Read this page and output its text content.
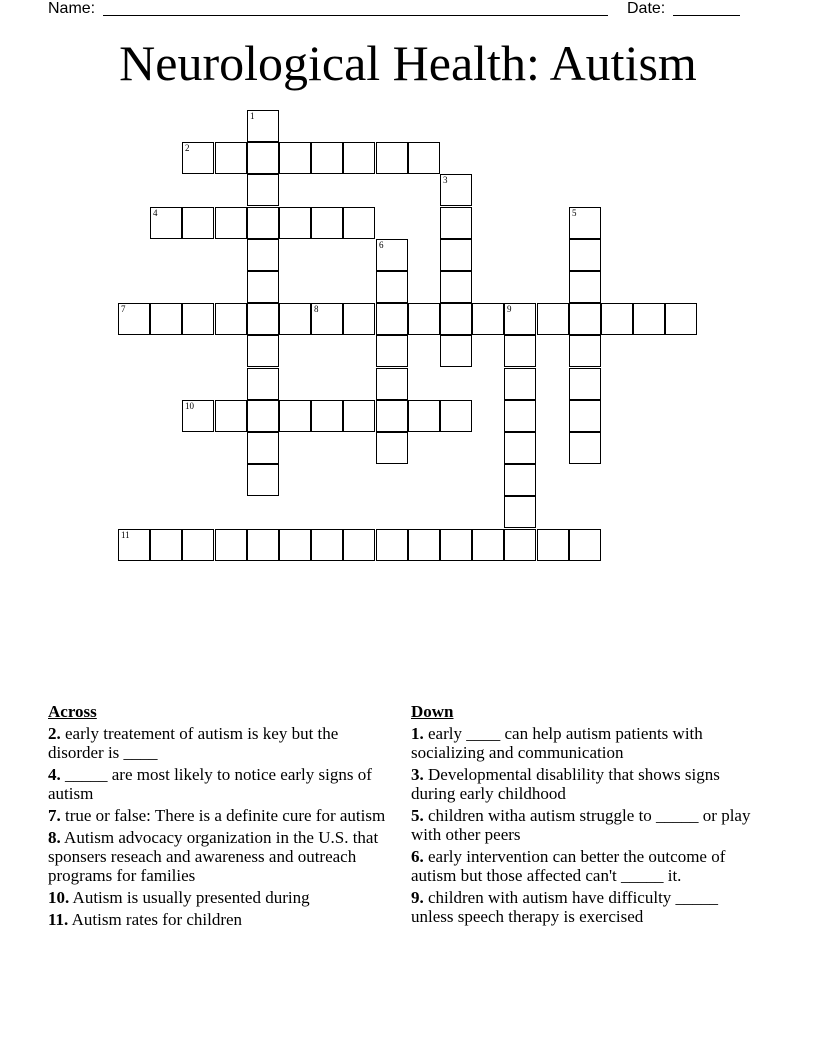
Name:	Date:
Neurological Health: Autism
1
2
3
4	5
6
7	8	9
10
11
Across
2. early treatement of autism is key but the disorder is ____
4. _____ are most likely to notice early signs of autism
7. true or false: There is a definite cure for autism
8. Autism advocacy organization in the U.S. that sponsers reseach and awareness and outreach programs for families
10. Autism is usually presented during
11. Autism rates for children
Down
1. early ____ can help autism patients with socializing and communication
3. Developmental disablility that shows signs during early childhood
5. children witha autism struggle to _____ or play with other peers
6. early intervention can better the outcome of autism but those affected can't _____ it.
9. children with autism have difficulty _____ unless speech therapy is exercised
